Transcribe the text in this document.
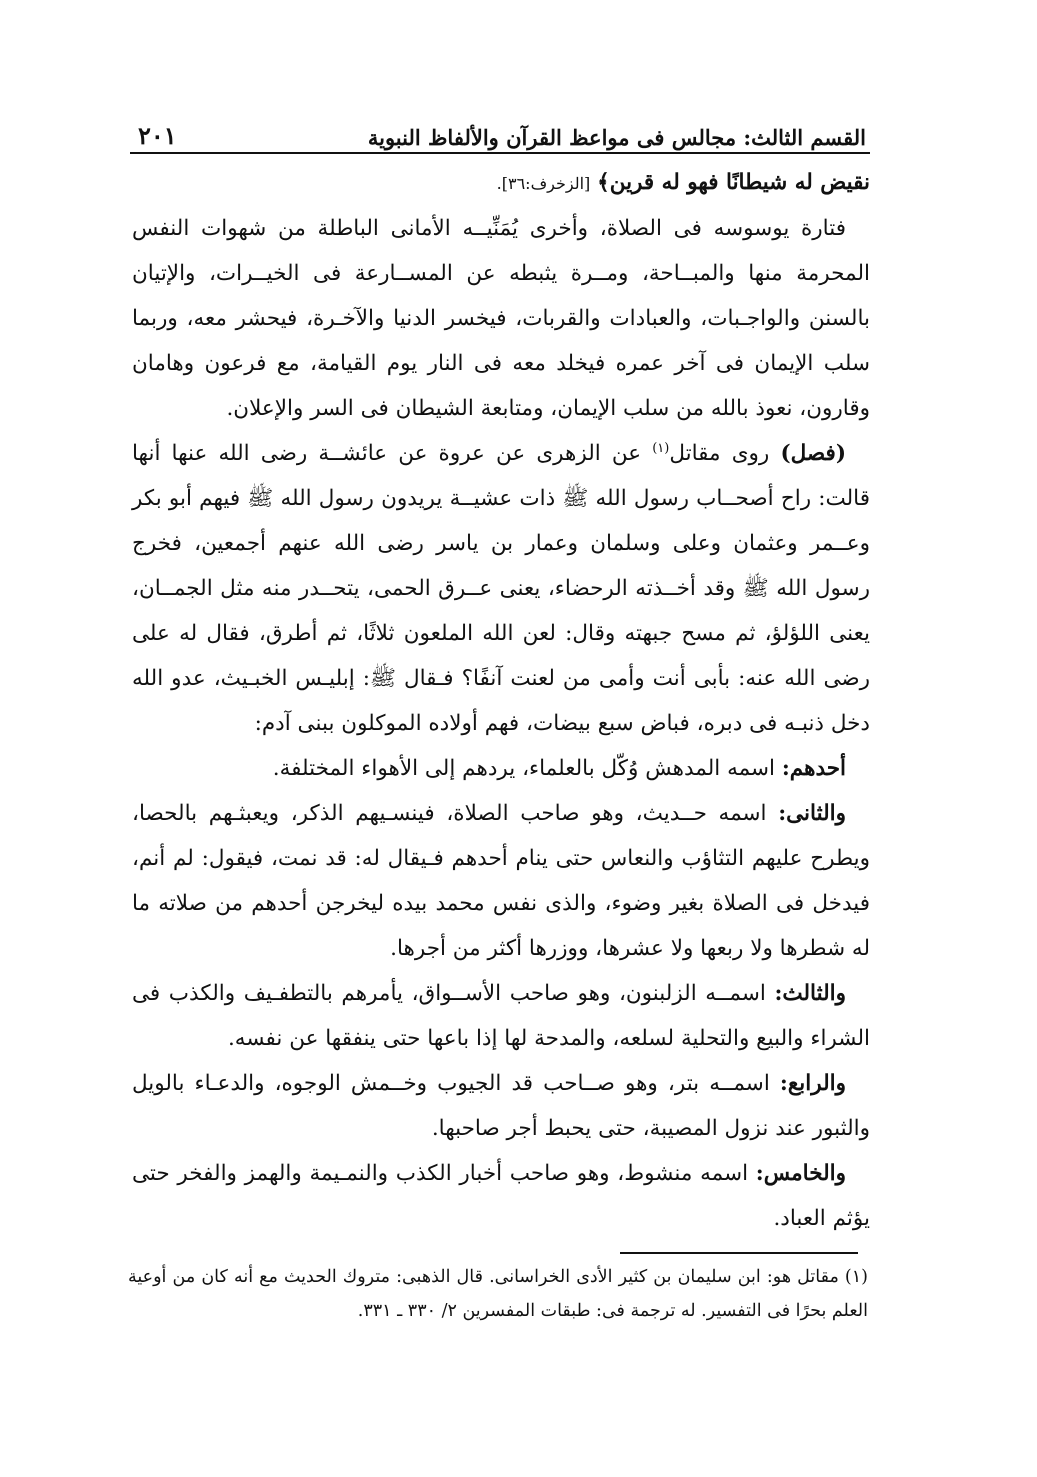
القسم الثالث: مجالس فى مواعظ القرآن والألفاظ النبوية
٢٠١

نقيض له شيطانًا فهو له قرين﴾ [الزخرف:٣٦].

فتارة يوسوسه فى الصلاة، وأخرى يُمَنِّيــه الأمانى الباطلة من شهوات النفس المحرمة منها والمبــاحة، ومــرة يثبطه عن المســارعة فى الخيــرات، والإتيان بالسنن والواجـبات، والعبادات والقربات، فيخسر الدنيا والآخـرة، فيحشر معه، وربما سلب الإيمان فى آخر عمره فيخلد معه فى النار يوم القيامة، مع فرعون وهامان وقارون، نعوذ بالله من سلب الإيمان، ومتابعة الشيطان فى السر والإعلان.

(فصل) روى مقاتل$^{(١)}$ عن الزهرى عن عروة عن عائشــة رضى الله عنها أنها قالت: راح أصحــاب رسول الله ﷺ ذات عشيــة يريدون رسول الله ﷺ فيهم أبو بكر وعــمر وعثمان وعلى وسلمان وعمار بن ياسر رضى الله عنهم أجمعين، فخرج رسول الله ﷺ وقد أخــذته الرحضاء، يعنى عــرق الحمى، يتحــدر منه مثل الجمــان، يعنى اللؤلؤ، ثم مسح جبهته وقال: لعن الله الملعون ثلاثًا، ثم أطرق، فقال له على رضى الله عنه: بأبى أنت وأمى من لعنت آنفًا؟ فـقال ﷺ: إبليـس الخبـيث، عدو الله دخل ذنبـه فى دبره، فباض سبع بيضات، فهم أولاده الموكلون ببنى آدم:

أحدهم: اسمه المدهش وُكّل بالعلماء، يردهم إلى الأهواء المختلفة.

والثانى: اسمه حــديث، وهو صاحب الصلاة، فينسـيهم الذكر، ويعبثـهم بالحصا، ويطرح عليهم التثاؤب والنعاس حتى ينام أحدهم فـيقال له: قد نمت، فيقول: لم أنم، فيدخل فى الصلاة بغير وضوء، والذى نفس محمد بيده ليخرجن أحدهم من صلاته ما له شطرها ولا ربعها ولا عشرها، ووزرها أكثر من أجرها.

والثالث: اسمــه الزلبنون، وهو صاحب الأســواق، يأمرهم بالتطفـيف والكذب فى الشراء والبيع والتحلية لسلعه، والمدحة لها إذا باعها حتى ينفقها عن نفسه.

والرابع: اسمــه بتر، وهو صــاحب قد الجيوب وخــمش الوجوه، والدعـاء بالويل والثبور عند نزول المصيبة، حتى يحبط أجر صاحبها.

والخامس: اسمه منشوط، وهو صاحب أخبار الكذب والنمـيمة والهمز والفخر حتى يؤثم العباد.

(١) مقاتل هو: ابن سليمان بن كثير الأدى الخراسانى. قال الذهبى: متروك الحديث مع أنه كان من أوعية العلم بحرًا فى التفسير. له ترجمة فى: طبقات المفسرين ٢/ ٣٣٠ ـ ٣٣١.
